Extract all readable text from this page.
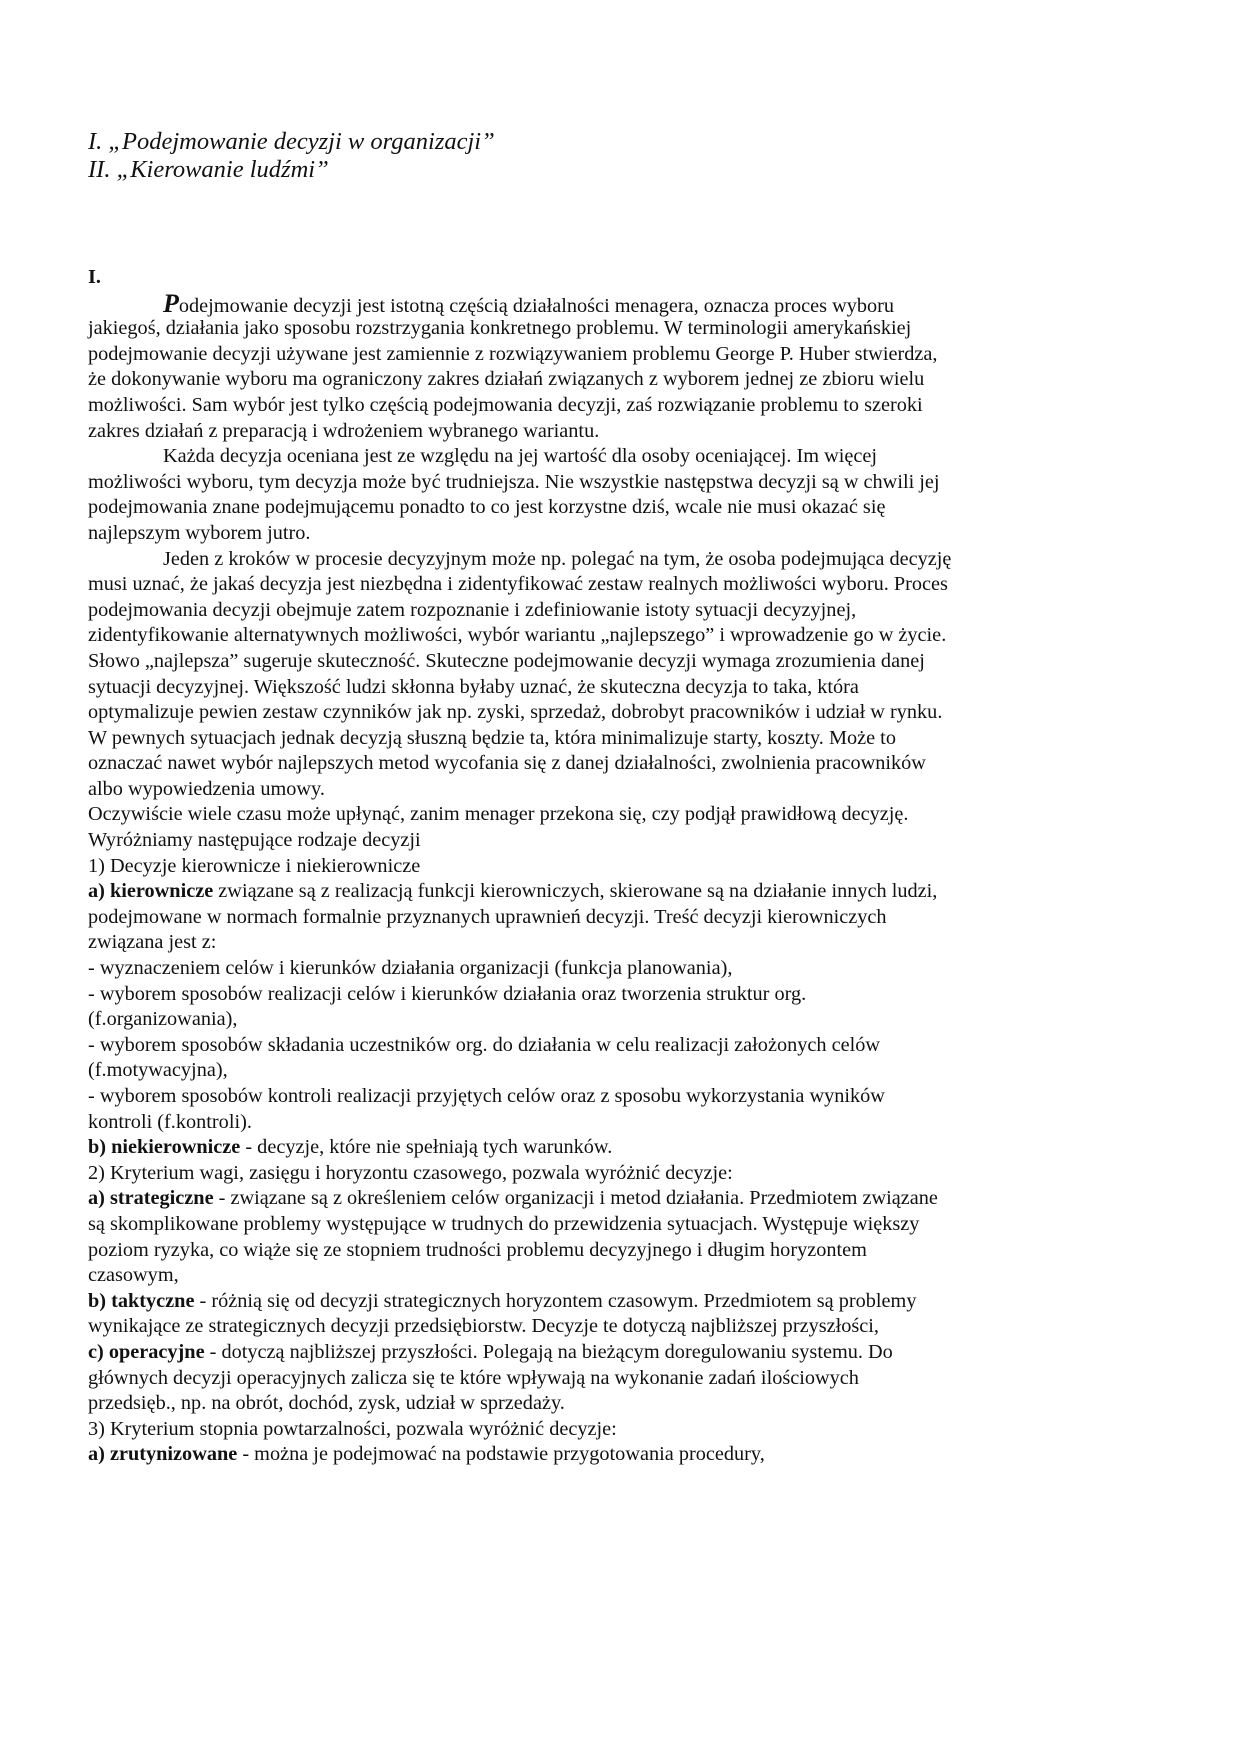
I. „Podejmowanie decyzji w organizacji”
II. „Kierowanie ludźmi”
I.
Podejmowanie decyzji jest istotną częścią działalności menagera, oznacza proces wyboru
jakiegoś, działania jako sposobu rozstrzygania konkretnego problemu. W terminologii amerykańskiej
podejmowanie decyzji używane jest zamiennie z rozwiązywaniem problemu George P. Huber stwierdza,
że dokonywanie wyboru ma ograniczony zakres działań związanych z wyborem jednej ze zbioru wielu
możliwości. Sam wybór jest tylko częścią podejmowania decyzji, zaś rozwiązanie problemu to szeroki
zakres działań z preparacją i wdrożeniem wybranego wariantu.
Każda decyzja oceniana jest ze względu na jej wartość dla osoby oceniającej. Im więcej
możliwości wyboru, tym decyzja może być trudniejsza. Nie wszystkie następstwa decyzji są w chwili jej
podejmowania znane podejmującemu ponadto to co jest korzystne dziś, wcale nie musi okazać się
najlepszym wyborem jutro.
Jeden z kroków w procesie decyzyjnym może np. polegać na tym, że osoba podejmująca decyzję
musi uznać, że jakaś decyzja jest niezbędna i zidentyfikować zestaw realnych możliwości wyboru. Proces
podejmowania decyzji obejmuje zatem rozpoznanie i zdefiniowanie istoty sytuacji decyzyjnej,
zidentyfikowanie alternatywnych możliwości, wybór wariantu „najlepszego” i wprowadzenie go w życie.
Słowo „najlepsza” sugeruje skuteczność. Skuteczne podejmowanie decyzji wymaga zrozumienia danej
sytuacji decyzyjnej. Większość ludzi skłonna byłaby uznać, że skuteczna decyzja to taka, która
optymalizuje pewien zestaw czynników jak np. zyski, sprzedaż, dobrobyt pracowników i udział w rynku.
W pewnych sytuacjach jednak decyzją słuszną będzie ta, która minimalizuje starty, koszty. Może to
oznaczać nawet wybór najlepszych metod wycofania się z danej działalności, zwolnienia pracowników
albo wypowiedzenia umowy.
Oczywiście wiele czasu może upłynąć, zanim menager przekona się, czy podjął prawidłową decyzję.
Wyróżniamy następujące rodzaje decyzji
1) Decyzje kierownicze i niekierownicze
a) kierownicze związane są z realizacją funkcji kierowniczych, skierowane są na działanie innych ludzi,
podejmowane w normach formalnie przyznanych uprawnień decyzji. Treść decyzji kierowniczych
związana jest z:
- wyznaczeniem celów i kierunków działania organizacji (funkcja planowania),
- wyborem sposobów realizacji celów i kierunków działania oraz tworzenia struktur org.
(f.organizowania),
- wyborem sposobów składania uczestników org. do działania w celu realizacji założonych celów
(f.motywacyjna),
- wyborem sposobów kontroli realizacji przyjętych celów oraz z sposobu wykorzystania wyników
kontroli (f.kontroli).
b) niekierownicze - decyzje, które nie spełniają tych warunków.
2) Kryterium wagi, zasięgu i horyzontu czasowego, pozwala wyróżnić decyzje:
a) strategiczne - związane są z określeniem celów organizacji i metod działania. Przedmiotem związane
są skomplikowane problemy występujące w trudnych do przewidzenia sytuacjach. Występuje większy
poziom ryzyka, co wiąże się ze stopniem trudności problemu decyzyjnego i długim horyzontem
czasowym,
b) taktyczne - różnią się od decyzji strategicznych horyzontem czasowym. Przedmiotem są problemy
wynikające ze strategicznych decyzji przedsiębiorstw. Decyzje te dotyczą najbliższej przyszłości,
c) operacyjne - dotyczą najbliższej przyszłości. Polegają na bieżącym doregulowaniu systemu. Do
głównych decyzji operacyjnych zalicza się te które wpływają na wykonanie zadań ilościowych
przedsięb., np. na obrót, dochód, zysk, udział w sprzedaży.
3) Kryterium stopnia powtarzalności, pozwala wyróżnić decyzje:
a) zrutynizowane - można je podejmować na podstawie przygotowania procedury,
